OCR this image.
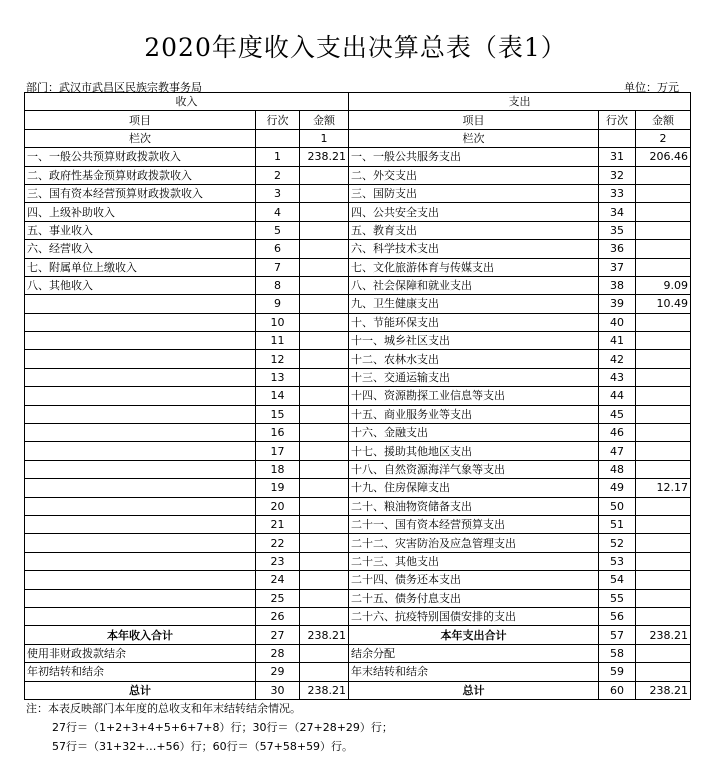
2020年度收入支出决算总表（表1）
部门：武汉市武昌区民族宗教事务局	单位：万元
收入			支出		
项目	行次	金额	项目	行次	金额
栏次		1	栏次		2
一、一般公共预算财政拨款收入	1	238.21	一、一般公共服务支出	31	206.46
二、政府性基金预算财政拨款收入	2		二、外交支出	32	
三、国有资本经营预算财政拨款收入	3		三、国防支出	33	
四、上级补助收入	4		四、公共安全支出	34	
五、事业收入	5		五、教育支出	35	
六、经营收入	6		六、科学技术支出	36	
七、附属单位上缴收入	7		七、文化旅游体育与传媒支出	37	
八、其他收入	8		八、社会保障和就业支出	38	9.09
	9		九、卫生健康支出	39	10.49
	10		十、节能环保支出	40	
	11		十一、城乡社区支出	41	
	12		十二、农林水支出	42	
	13		十三、交通运输支出	43	
	14		十四、资源勘探工业信息等支出	44	
	15		十五、商业服务业等支出	45	
	16		十六、金融支出	46	
	17		十七、援助其他地区支出	47	
	18		十八、自然资源海洋气象等支出	48	
	19		十九、住房保障支出	49	12.17
	20		二十、粮油物资储备支出	50	
	21		二十一、国有资本经营预算支出	51	
	22		二十二、灾害防治及应急管理支出	52	
	23		二十三、其他支出	53	
	24		二十四、债务还本支出	54	
	25		二十五、债务付息支出	55	
	26		二十六、抗疫特别国债安排的支出	56	
本年收入合计	27	238.21	本年支出合计	57	238.21
使用非财政拨款结余	28		结余分配	58	
年初结转和结余	29		年末结转和结余	59	
总计	30	238.21	总计	60	238.21
注：本表反映部门本年度的总收支和年末结转结余情况。
27行＝（1+2+3+4+5+6+7+8）行；30行＝（27+28+29）行；
57行＝（31+32+…+56）行；60行＝（57+58+59）行。
